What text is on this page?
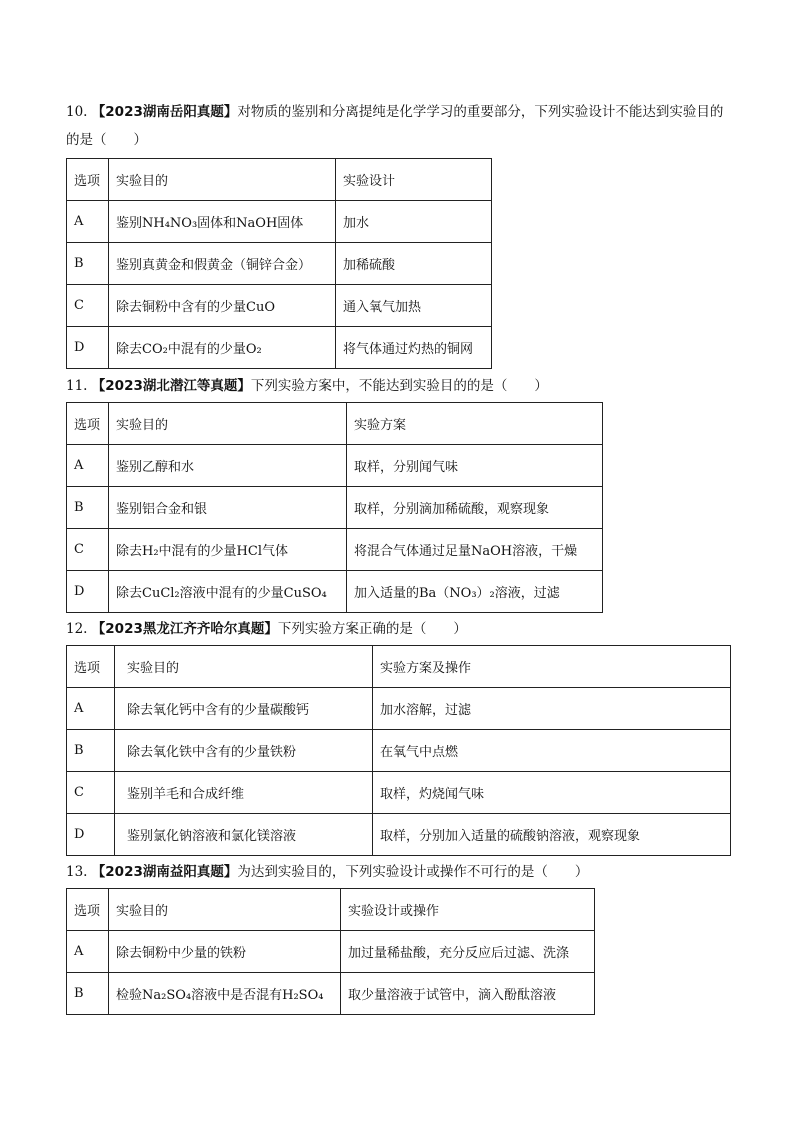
10. 【2023湖南岳阳真题】对物质的鉴别和分离提纯是化学学习的重要部分，下列实验设计不能达到实验目的的是（　　）
选项	实验目的	实验设计
A	鉴别NH₄NO₃固体和NaOH固体	加水
B	鉴别真黄金和假黄金（铜锌合金）	加稀硫酸
C	除去铜粉中含有的少量CuO	通入氧气加热
D	除去CO₂中混有的少量O₂	将气体通过灼热的铜网
11. 【2023湖北潜江等真题】下列实验方案中，不能达到实验目的的是（　　）
选项	实验目的	实验方案
A	鉴别乙醇和水	取样，分别闻气味
B	鉴别铝合金和银	取样，分别滴加稀硫酸，观察现象
C	除去H₂中混有的少量HCl气体	将混合气体通过足量NaOH溶液，干燥
D	除去CuCl₂溶液中混有的少量CuSO₄	加入适量的Ba（NO₃）₂溶液，过滤
12. 【2023黑龙江齐齐哈尔真题】下列实验方案正确的是（　　）
选项	实验目的	实验方案及操作
A	除去氧化钙中含有的少量碳酸钙	加水溶解，过滤
B	除去氧化铁中含有的少量铁粉	在氧气中点燃
C	鉴别羊毛和合成纤维	取样，灼烧闻气味
D	鉴别氯化钠溶液和氯化镁溶液	取样，分别加入适量的硫酸钠溶液，观察现象
13. 【2023湖南益阳真题】为达到实验目的，下列实验设计或操作不可行的是（　　）
选项	实验目的	实验设计或操作
A	除去铜粉中少量的铁粉	加过量稀盐酸，充分反应后过滤、洗涤
B	检验Na₂SO₄溶液中是否混有H₂SO₄	取少量溶液于试管中，滴入酚酞溶液
